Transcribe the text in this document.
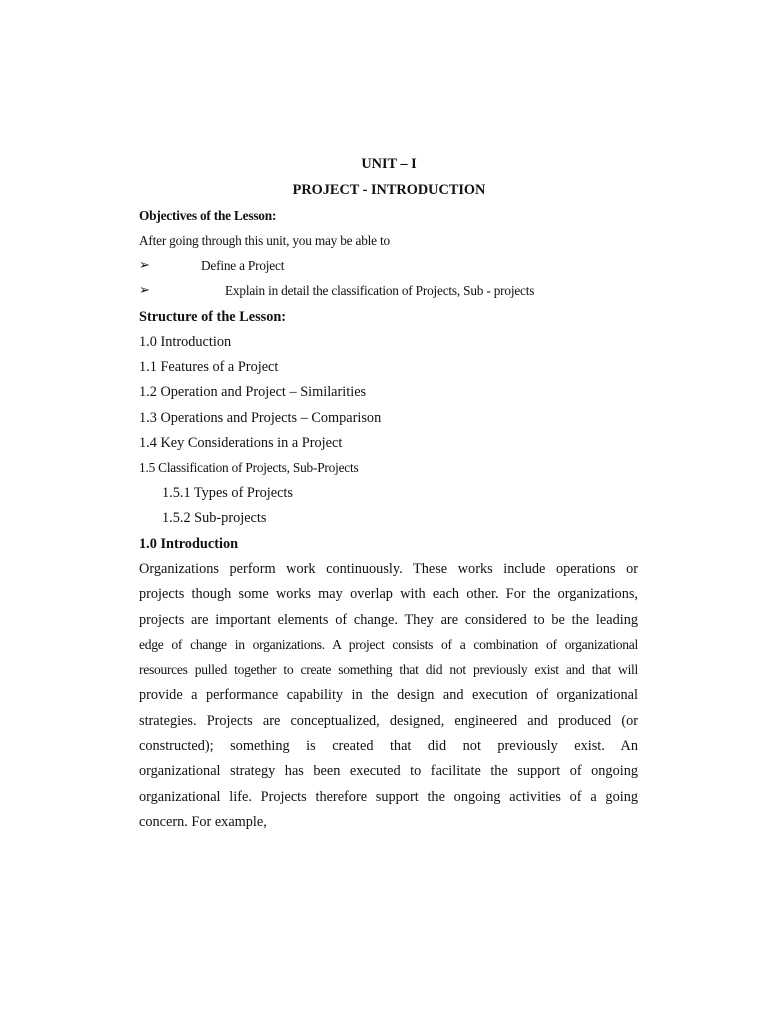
UNIT – I
PROJECT - INTRODUCTION
Objectives of the Lesson:
After going through this unit, you may be able to
➢	Define a Project
➢	Explain in detail the classification of Projects, Sub - projects
Structure of the Lesson:
1.0 Introduction
1.1 Features of a Project
1.2 Operation and Project – Similarities
1.3 Operations and Projects – Comparison
1.4 Key Considerations in a Project
1.5 Classification of Projects, Sub-Projects
1.5.1 Types of Projects
1.5.2 Sub-projects
1.0 Introduction
Organizations perform work continuously. These works include operations or
projects though some works may overlap with each other. For the organizations,
projects are important elements of change. They are considered to be the leading
edge of change in organizations. A project consists of a combination of organizational
resources pulled together to create something that did not previously exist and that will
provide a performance capability in the design and execution of organizational
strategies. Projects are conceptualized, designed, engineered and produced (or
constructed); something is created that did not previously exist. An
organizational strategy has been executed to facilitate the support of ongoing
organizational life. Projects therefore support the ongoing activities of a going
concern. For example,
